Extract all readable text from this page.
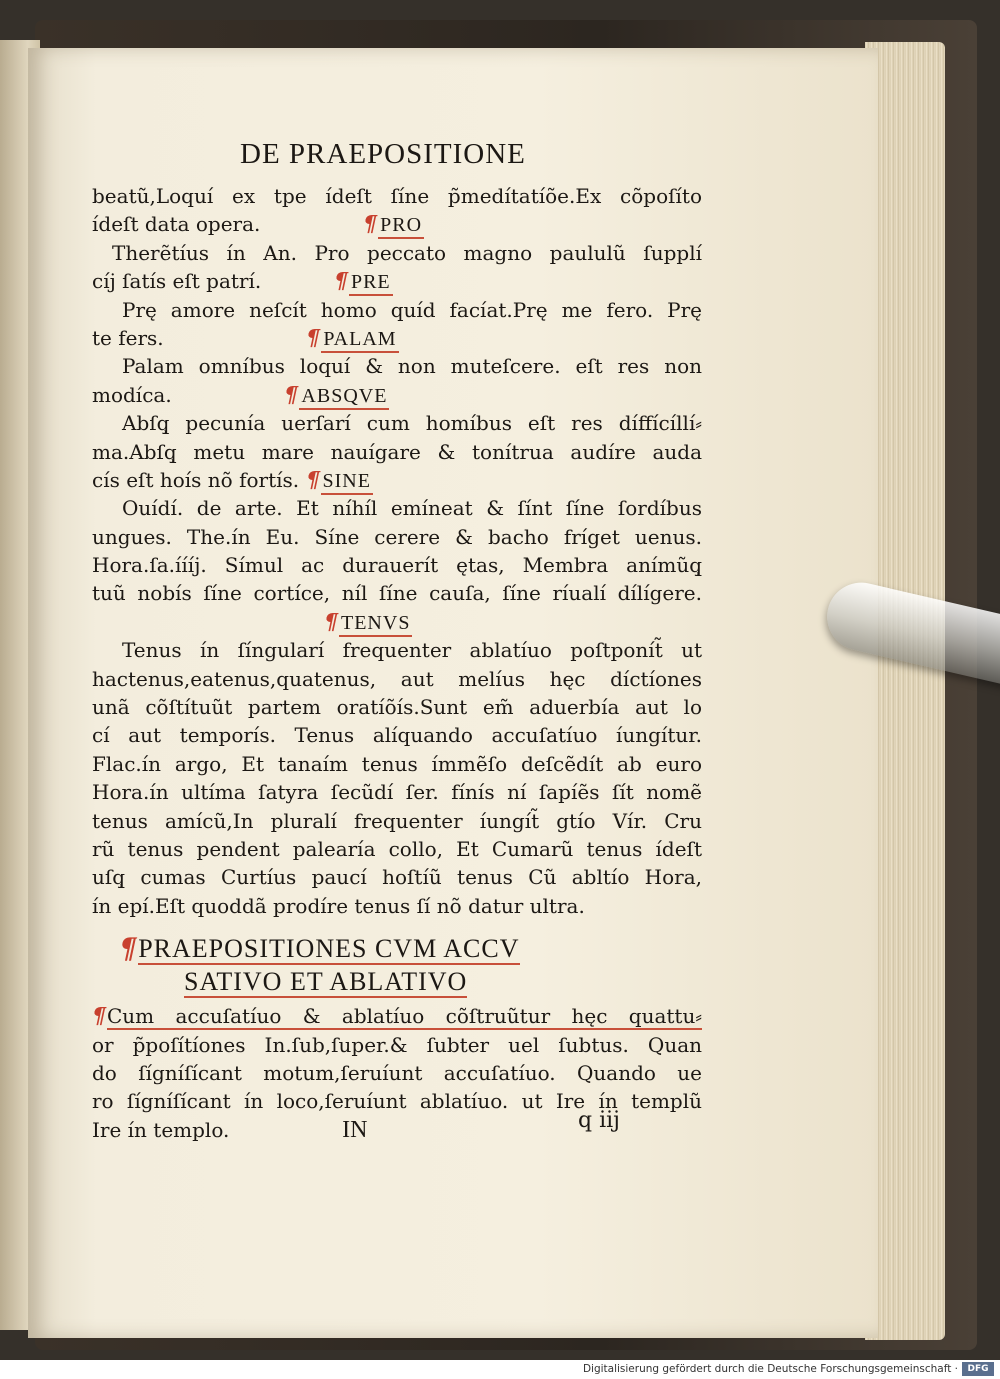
DE PRAEPOSITIONE
beatũ,Loquí ex tpe ídeſt ſíne p̃medítatíõe.Ex cõpoſíto
ídeſt data opera.	¶PRO
Therẽtíus ín An. Pro peccato magno paululũ ſupplí
cíj ſatís eſt patrí.	¶PRE
Prę amore neſcít homo quíd facíat.Prę me fero. Prę
te fers.	¶PALAM
Palam omníbus loquí & non muteſcere. eſt res non
modíca.	¶ABSQVE
Abſq̧ pecunía uerſarí cum homíbus eſt res díffícíllí⸗
ma.Abſq̧ metu mare nauígare & tonítrua audíre auda
cís eſt hoís nõ fortís. ¶SINE
Ouídí. de arte. Et níhíl emíneat & ſínt ſíne ſordíbus
ungues. The.ín Eu. Síne cerere & bacho fríget uenus.
Hora.ſa.íííj. Símul ac durauerít ętas, Membra anímũq̧
tuũ nobís ſíne cortíce, níl ſíne cauſa, ſíne ríualí dílígere.
¶TENVS
Tenus ín ſíngularí frequenter ablatíuo poſtponít̃ ut
hactenus,eatenus,quatenus, aut melíus hęc díctíones
unã cõſtítuũt partem oratíõís.Sunt em̃ aduerbía aut lo
cí aut temporís. Tenus alíquando accuſatíuo íungítur.
Flac.ín argo, Et tanaím tenus ímmẽſo deſcẽdít ab euro
Hora.ín ultíma ſatyra ſecũdí ſer. fínís ní ſapíẽs ſít nomẽ
tenus amícũ,In pluralí frequenter íungít̃ gtío Vír. Cru
rũ tenus pendent palearía collo, Et Cumarũ tenus ídeſt
uſq̧ cumas Curtíus paucí hoſtíũ tenus Cũ abltío Hora,
ín epí.Eſt quoddã prodíre tenus ſí nõ datur ultra.
¶PRAEPOSITIONES CVM ACCV
SATIVO ET ABLATIVO
¶Cum accuſatíuo & ablatíuo cõſtruũtur hęc quattu⸗
or p̃poſítíones In.ſub,ſuper.& ſubter uel ſubtus. Quan
do ſígníſícant motum,ſeruíunt accuſatíuo. Quando ue
ro ſígníſícant ín loco,ſeruíunt ablatíuo. ut Ire ín templũ
Ire ín templo.	IN	q iij
Digitalisierung gefördert durch die Deutsche Forschungsgemeinschaft ·	DFG
